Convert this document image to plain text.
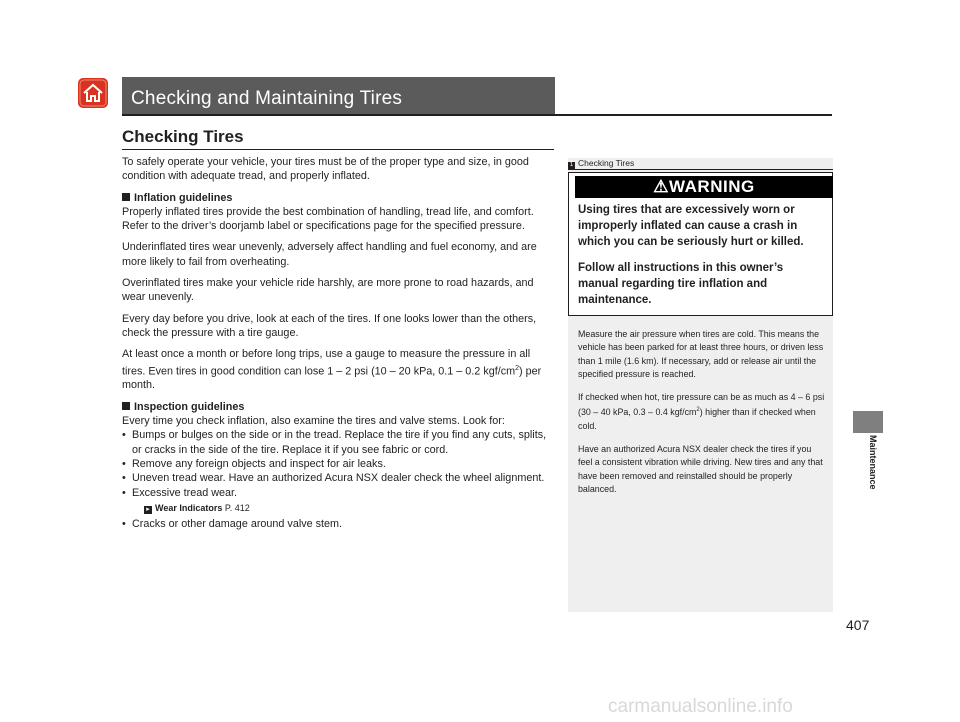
Checking and Maintaining Tires
Checking Tires

To safely operate your vehicle, your tires must be of the proper type and size, in good condition with adequate tread, and properly inflated.

Inflation guidelines

Properly inflated tires provide the best combination of handling, tread life, and comfort. Refer to the driver’s doorjamb label or specifications page for the specified pressure.

Underinflated tires wear unevenly, adversely affect handling and fuel economy, and are more likely to fail from overheating.

Overinflated tires make your vehicle ride harshly, are more prone to road hazards, and wear unevenly.

Every day before you drive, look at each of the tires. If one looks lower than the others, check the pressure with a tire gauge.

At least once a month or before long trips, use a gauge to measure the pressure in all tires. Even tires in good condition can lose 1 – 2 psi (10 – 20 kPa, 0.1 – 0.2 kgf/$cm^2$) per month.

Inspection guidelines

Every time you check inflation, also examine the tires and valve stems. Look for:

• Bumps or bulges on the side or in the tread. Replace the tire if you find any cuts, splits, or cracks in the side of the tire. Replace it if you see fabric or cord.
• Remove any foreign objects and inspect for air leaks.
• Uneven tread wear. Have an authorized Acura NSX dealer check the wheel alignment.
• Excessive tread wear.
▸ Wear Indicators P. 412
• Cracks or other damage around valve stem.
1 Checking Tires
⚠WARNING

Using tires that are excessively worn or improperly inflated can cause a crash in which you can be seriously hurt or killed.

Follow all instructions in this owner’s manual regarding tire inflation and maintenance.

Measure the air pressure when tires are cold. This means the vehicle has been parked for at least three hours, or driven less than 1 mile (1.6 km). If necessary, add or release air until the specified pressure is reached.

If checked when hot, tire pressure can be as much as 4 – 6 psi (30 – 40 kPa, 0.3 – 0.4 kgf/$cm^2$) higher than if checked when cold.

Have an authorized Acura NSX dealer check the tires if you feel a consistent vibration while driving. New tires and any that have been removed and reinstalled should be properly balanced.	Maintenance
407
carmanualsonline.info
